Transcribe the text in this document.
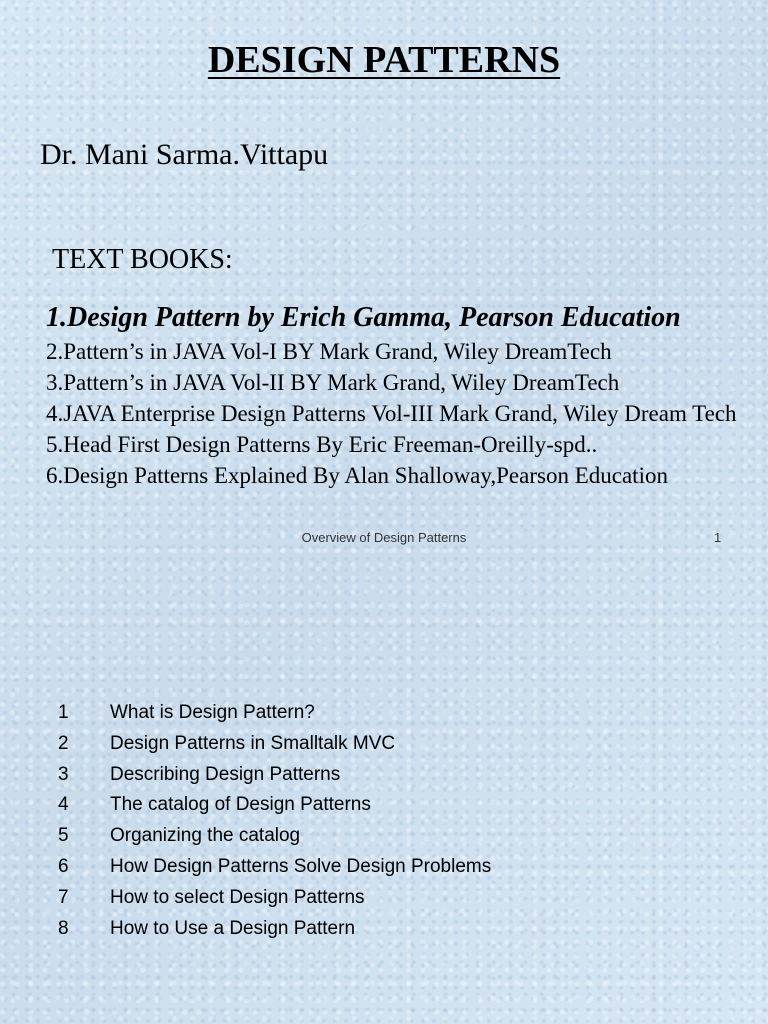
DESIGN PATTERNS
Dr. Mani Sarma.Vittapu
TEXT BOOKS:
1.Design Pattern by Erich Gamma, Pearson Education
2.Pattern’s in JAVA Vol-I BY Mark Grand, Wiley DreamTech
3.Pattern’s in JAVA Vol-II BY Mark Grand, Wiley DreamTech
4.JAVA Enterprise Design Patterns Vol-III Mark Grand, Wiley Dream Tech
5.Head First Design Patterns By Eric Freeman-Oreilly-spd..
6.Design Patterns Explained By Alan Shalloway,Pearson Education
Overview of Design Patterns	1
1	What is Design Pattern?
2	Design Patterns in Smalltalk MVC
3	Describing Design Patterns
4	The catalog of Design Patterns
5	Organizing the catalog
6	How Design Patterns Solve Design Problems
7	How to select Design Patterns
8	How to Use a Design Pattern
